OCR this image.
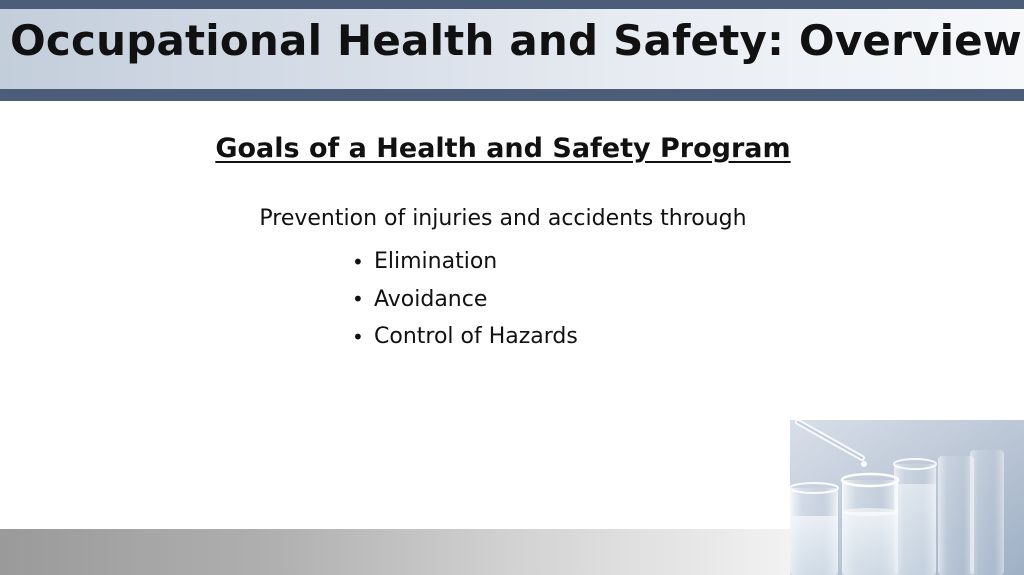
Occupational Health and Safety: Overview
Goals of a Health and Safety Program
Prevention of injuries and accidents through
• Elimination
• Avoidance
• Control of Hazards
